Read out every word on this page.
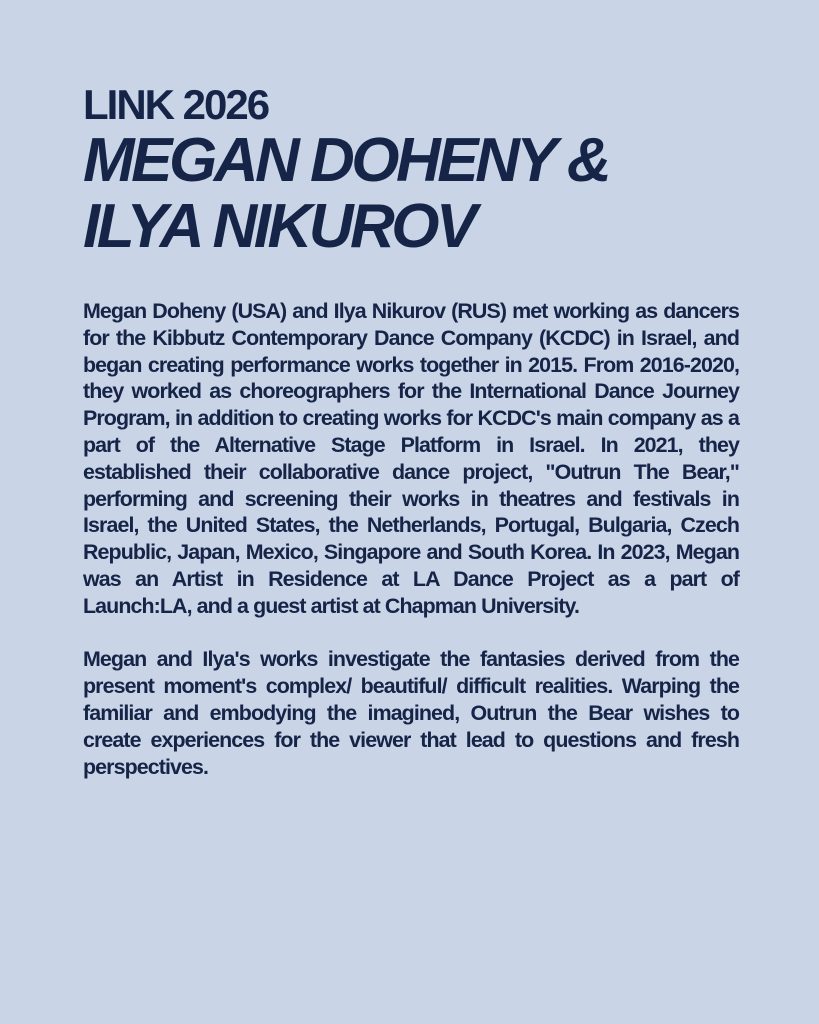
LINK 2026
MEGAN DOHENY &
ILYA NIKUROV

Megan Doheny (USA) and Ilya Nikurov (RUS) met working as dancers for the Kibbutz Contemporary Dance Company (KCDC) in Israel, and began creating performance works together in 2015. From 2016-2020, they worked as choreographers for the International Dance Journey Program, in addition to creating works for KCDC's main company as a part of the Alternative Stage Platform in Israel. In 2021, they established their collaborative dance project, "Outrun The Bear," performing and screening their works in theatres and festivals in Israel, the United States, the Netherlands, Portugal, Bulgaria, Czech Republic, Japan, Mexico, Singapore and South Korea. In 2023, Megan was an Artist in Residence at LA Dance Project as a part of Launch:LA, and a guest artist at Chapman University.

Megan and Ilya's works investigate the fantasies derived from the present moment's complex/ beautiful/ difficult realities. Warping the familiar and embodying the imagined, Outrun the Bear wishes to create experiences for the viewer that lead to questions and fresh perspectives.
